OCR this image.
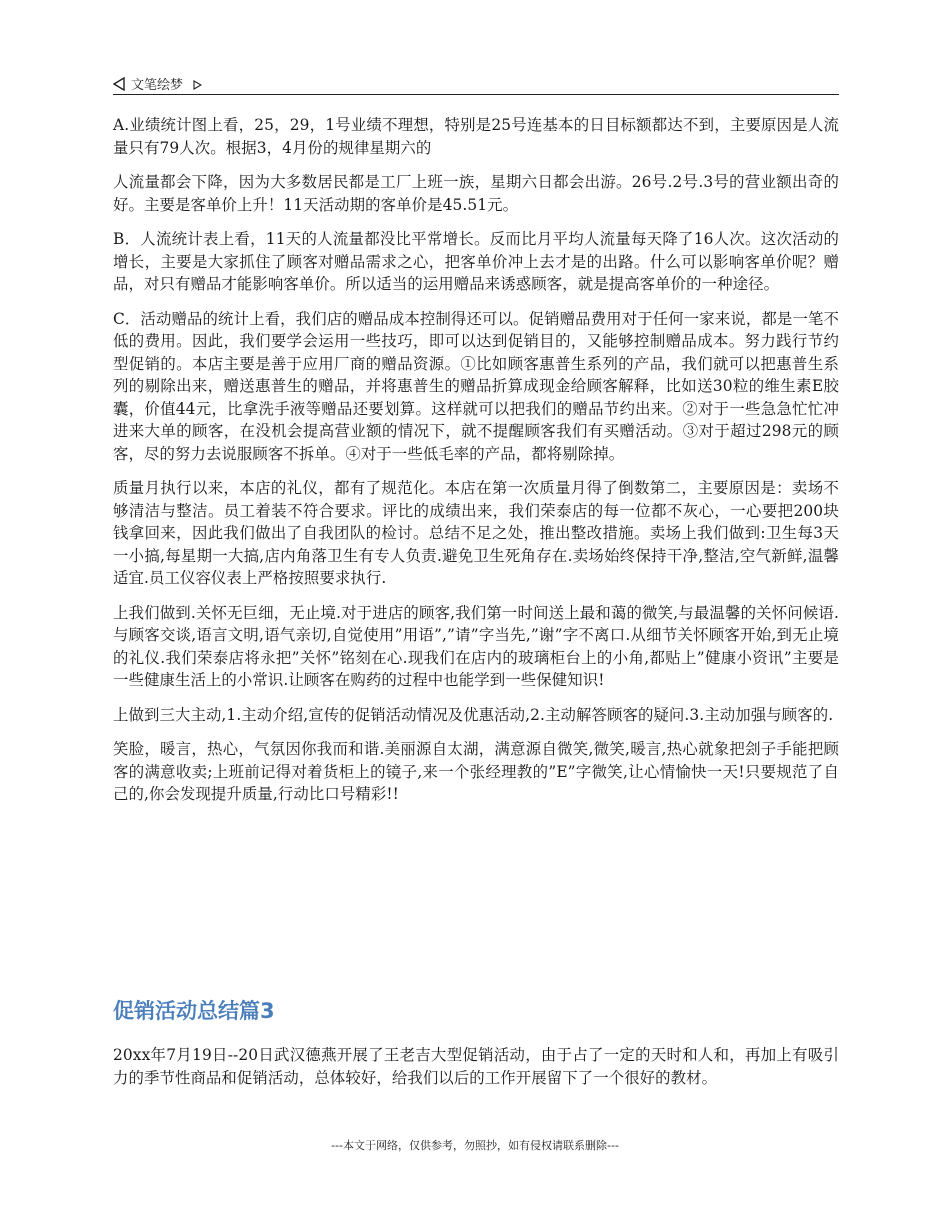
文笔绘梦

A.业绩统计图上看，25，29，1号业绩不理想，特别是25号连基本的日目标额都达不到，主要原因是人流量只有79人次。根据3，4月份的规律星期六的

人流量都会下降，因为大多数居民都是工厂上班一族，星期六日都会出游。26号.2号.3号的营业额出奇的好。主要是客单价上升！11天活动期的客单价是45.51元。

B．人流统计表上看，11天的人流量都没比平常增长。反而比月平均人流量每天降了16人次。这次活动的增长，主要是大家抓住了顾客对赠品需求之心，把客单价冲上去才是的出路。什么可以影响客单价呢？赠品，对只有赠品才能影响客单价。所以适当的运用赠品来诱惑顾客，就是提高客单价的一种途径。

C．活动赠品的统计上看，我们店的赠品成本控制得还可以。促销赠品费用对于任何一家来说，都是一笔不低的费用。因此，我们要学会运用一些技巧，即可以达到促销目的，又能够控制赠品成本。努力践行节约型促销的。本店主要是善于应用厂商的赠品资源。①比如顾客惠普生系列的产品，我们就可以把惠普生系列的剔除出来，赠送惠普生的赠品，并将惠普生的赠品折算成现金给顾客解释，比如送30粒的维生素E胶囊，价值44元，比拿洗手液等赠品还要划算。这样就可以把我们的赠品节约出来。②对于一些急急忙忙冲进来大单的顾客，在没机会提高营业额的情况下，就不提醒顾客我们有买赠活动。③对于超过298元的顾客，尽的努力去说服顾客不拆单。④对于一些低毛率的产品，都将剔除掉。

质量月执行以来，本店的礼仪，都有了规范化。本店在第一次质量月得了倒数第二，主要原因是：卖场不够清洁与整洁。员工着装不符合要求。评比的成绩出来，我们荣泰店的每一位都不灰心，一心要把200块钱拿回来，因此我们做出了自我团队的检讨。总结不足之处，推出整改措施。卖场上我们做到:卫生每3天一小搞,每星期一大搞,店内角落卫生有专人负责.避免卫生死角存在.卖场始终保持干净,整洁,空气新鲜,温馨适宜.员工仪容仪表上严格按照要求执行.

上我们做到.关怀无巨细，无止境.对于进店的顾客,我们第一时间送上最和蔼的微笑,与最温馨的关怀问候语.与顾客交谈,语言文明,语气亲切,自觉使用”用语”,”请”字当先,”谢”字不离口.从细节关怀顾客开始,到无止境的礼仪.我们荣泰店将永把”关怀”铭刻在心.现我们在店内的玻璃柜台上的小角,都贴上”健康小资讯”主要是一些健康生活上的小常识.让顾客在购药的过程中也能学到一些保健知识!

上做到三大主动,1.主动介绍,宣传的促销活动情况及优惠活动,2.主动解答顾客的疑问.3.主动加强与顾客的.

笑脸，暖言，热心，气氛因你我而和谐.美丽源自太湖，满意源自微笑,微笑,暖言,热心就象把刽子手能把顾客的满意收卖;上班前记得对着货柜上的镜子,来一个张经理教的”E”字微笑,让心情愉快一天!只要规范了自己的,你会发现提升质量,行动比口号精彩!!

促销活动总结篇3

20xx年7月19日--20日武汉德燕开展了王老吉大型促销活动，由于占了一定的天时和人和，再加上有吸引力的季节性商品和促销活动，总体较好，给我们以后的工作开展留下了一个很好的教材。

---本文于网络，仅供参考，勿照抄，如有侵权请联系删除---
